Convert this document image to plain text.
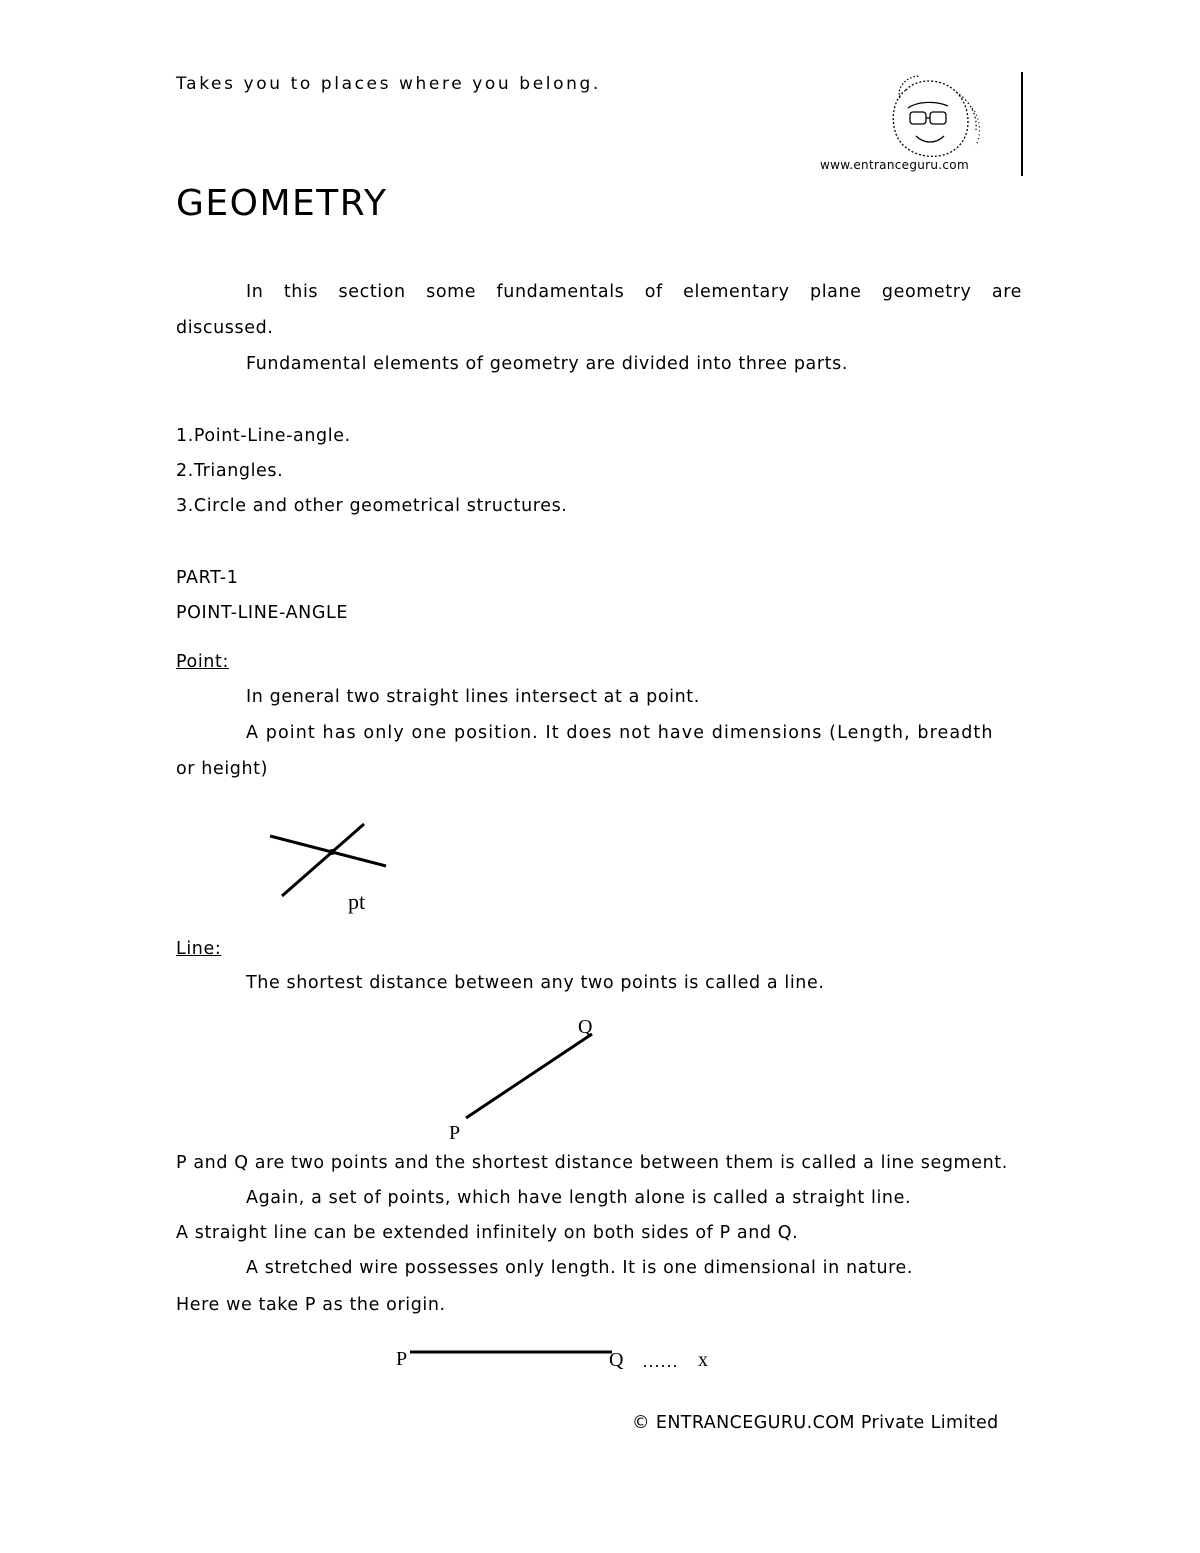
Takes you to places where you belong.
www.entranceguru.com
GEOMETRY
In this section some fundamentals of elementary plane geometry are
discussed.
Fundamental elements of geometry are divided into three parts.
1.Point-Line-angle.
2.Triangles.
3.Circle and other geometrical structures.
PART-1
POINT-LINE-ANGLE
Point:
In general two straight lines intersect at a point.
A point has only one position. It does not have dimensions (Length, breadth
or height)
pt
Line:
The shortest distance between any two points is called a line.
Q
P
P and Q are two points and the shortest distance between them is called a line segment.
Again, a set of points, which have length alone is called a straight line.
A straight line can be extended infinitely on both sides of P and Q.
A stretched wire possesses only length. It is one dimensional in nature.
Here we take P as the origin.
P	Q …… x
© ENTRANCEGURU.COM Private Limited
